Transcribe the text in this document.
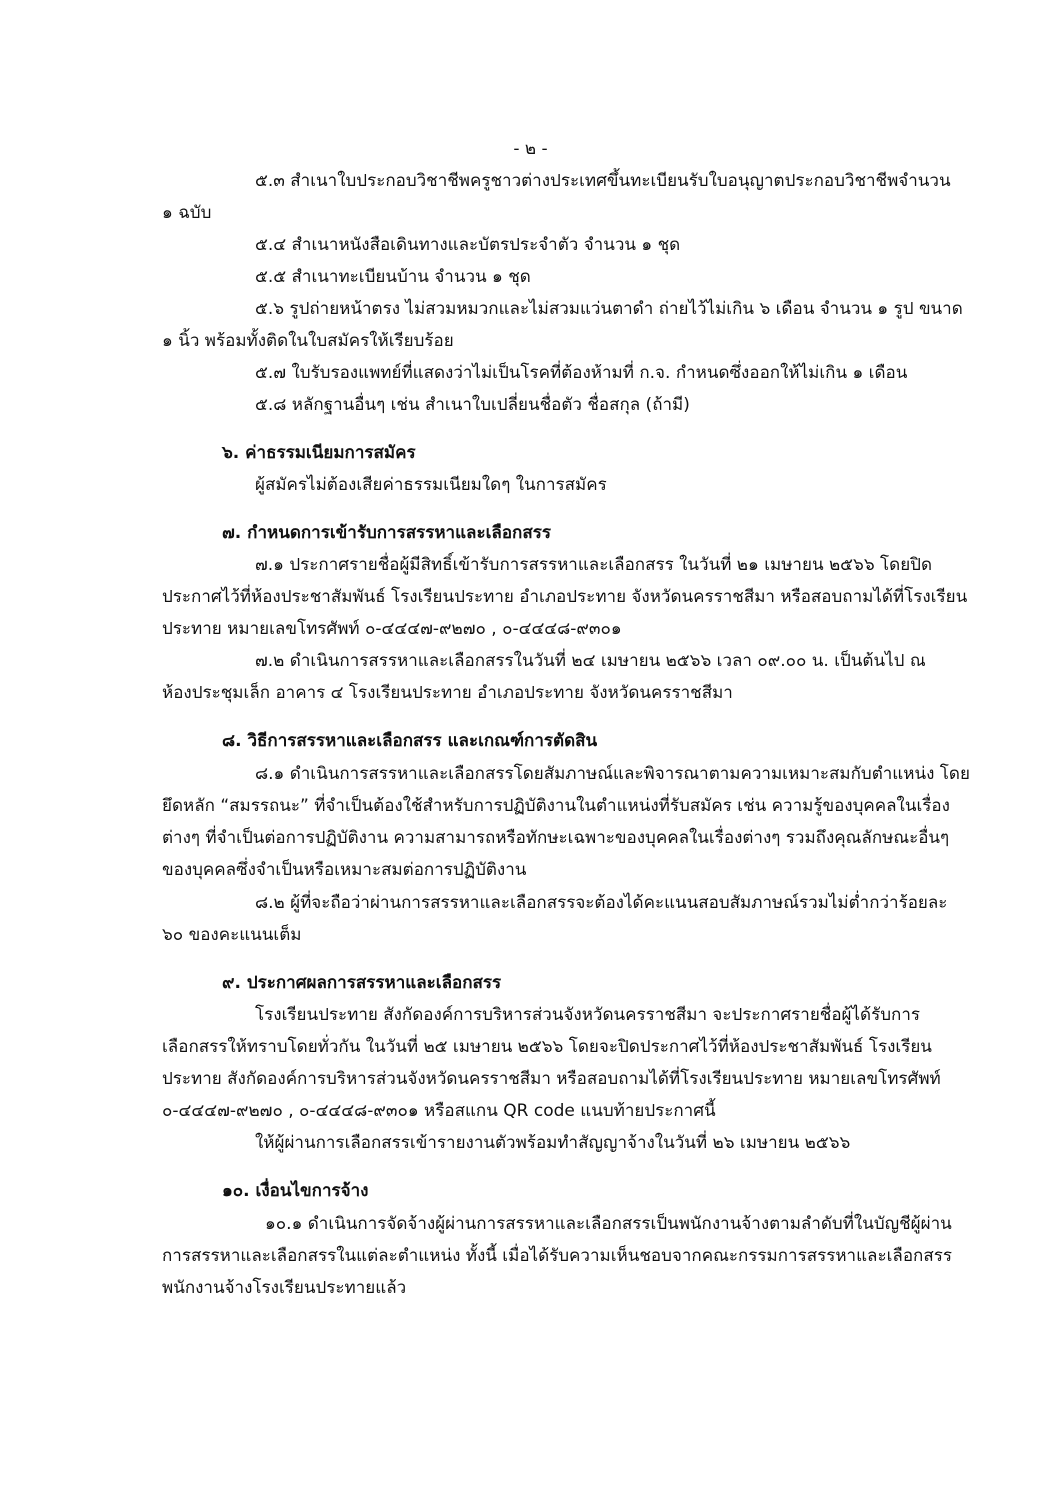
- ๒ -
๕.๓ สำเนาใบประกอบวิชาชีพครูชาวต่างประเทศขึ้นทะเบียนรับใบอนุญาตประกอบวิชาชีพจำนวน
๑ ฉบับ
๕.๔ สำเนาหนังสือเดินทางและบัตรประจำตัว จำนวน ๑ ชุด
๕.๕ สำเนาทะเบียนบ้าน จำนวน ๑ ชุด
๕.๖ รูปถ่ายหน้าตรง ไม่สวมหมวกและไม่สวมแว่นตาดำ ถ่ายไว้ไม่เกิน ๖ เดือน จำนวน ๑ รูป ขนาด
๑ นิ้ว พร้อมทั้งติดในใบสมัครให้เรียบร้อย
๕.๗ ใบรับรองแพทย์ที่แสดงว่าไม่เป็นโรคที่ต้องห้ามที่ ก.จ. กำหนดซึ่งออกให้ไม่เกิน ๑ เดือน
๕.๘ หลักฐานอื่นๆ เช่น สำเนาใบเปลี่ยนชื่อตัว ชื่อสกุล (ถ้ามี)
๖. ค่าธรรมเนียมการสมัคร
ผู้สมัครไม่ต้องเสียค่าธรรมเนียมใดๆ ในการสมัคร
๗. กำหนดการเข้ารับการสรรหาและเลือกสรร
๗.๑ ประกาศรายชื่อผู้มีสิทธิ์เข้ารับการสรรหาและเลือกสรร ในวันที่ ๒๑ เมษายน ๒๕๖๖ โดยปิด
ประกาศไว้ที่ห้องประชาสัมพันธ์ โรงเรียนประทาย อำเภอประทาย จังหวัดนครราชสีมา หรือสอบถามได้ที่โรงเรียน
ประทาย หมายเลขโทรศัพท์ ๐-๔๔๔๗-๙๒๗๐ , ๐-๔๔๔๘-๙๓๐๑
๗.๒ ดำเนินการสรรหาและเลือกสรรในวันที่ ๒๔ เมษายน ๒๕๖๖ เวลา ๐๙.๐๐ น. เป็นต้นไป ณ
ห้องประชุมเล็ก อาคาร ๔ โรงเรียนประทาย อำเภอประทาย จังหวัดนครราชสีมา
๘. วิธีการสรรหาและเลือกสรร และเกณฑ์การตัดสิน
๘.๑ ดำเนินการสรรหาและเลือกสรรโดยสัมภาษณ์และพิจารณาตามความเหมาะสมกับตำแหน่ง โดย
ยึดหลัก “สมรรถนะ” ที่จำเป็นต้องใช้สำหรับการปฏิบัติงานในตำแหน่งที่รับสมัคร เช่น ความรู้ของบุคคลในเรื่อง
ต่างๆ ที่จำเป็นต่อการปฏิบัติงาน ความสามารถหรือทักษะเฉพาะของบุคคลในเรื่องต่างๆ รวมถึงคุณลักษณะอื่นๆ
ของบุคคลซึ่งจำเป็นหรือเหมาะสมต่อการปฏิบัติงาน
๘.๒ ผู้ที่จะถือว่าผ่านการสรรหาและเลือกสรรจะต้องได้คะแนนสอบสัมภาษณ์รวมไม่ต่ำกว่าร้อยละ
๖๐ ของคะแนนเต็ม
๙. ประกาศผลการสรรหาและเลือกสรร
โรงเรียนประทาย สังกัดองค์การบริหารส่วนจังหวัดนครราชสีมา จะประกาศรายชื่อผู้ได้รับการ
เลือกสรรให้ทราบโดยทั่วกัน ในวันที่ ๒๕ เมษายน ๒๕๖๖ โดยจะปิดประกาศไว้ที่ห้องประชาสัมพันธ์ โรงเรียน
ประทาย สังกัดองค์การบริหารส่วนจังหวัดนครราชสีมา หรือสอบถามได้ที่โรงเรียนประทาย หมายเลขโทรศัพท์
๐-๔๔๔๗-๙๒๗๐ , ๐-๔๔๔๘-๙๓๐๑ หรือสแกน QR code แนบท้ายประกาศนี้
ให้ผู้ผ่านการเลือกสรรเข้ารายงานตัวพร้อมทำสัญญาจ้างในวันที่ ๒๖ เมษายน ๒๕๖๖
๑๐. เงื่อนไขการจ้าง
๑๐.๑ ดำเนินการจัดจ้างผู้ผ่านการสรรหาและเลือกสรรเป็นพนักงานจ้างตามลำดับที่ในบัญชีผู้ผ่าน
การสรรหาและเลือกสรรในแต่ละตำแหน่ง ทั้งนี้ เมื่อได้รับความเห็นชอบจากคณะกรรมการสรรหาและเลือกสรร
พนักงานจ้างโรงเรียนประทายแล้ว
